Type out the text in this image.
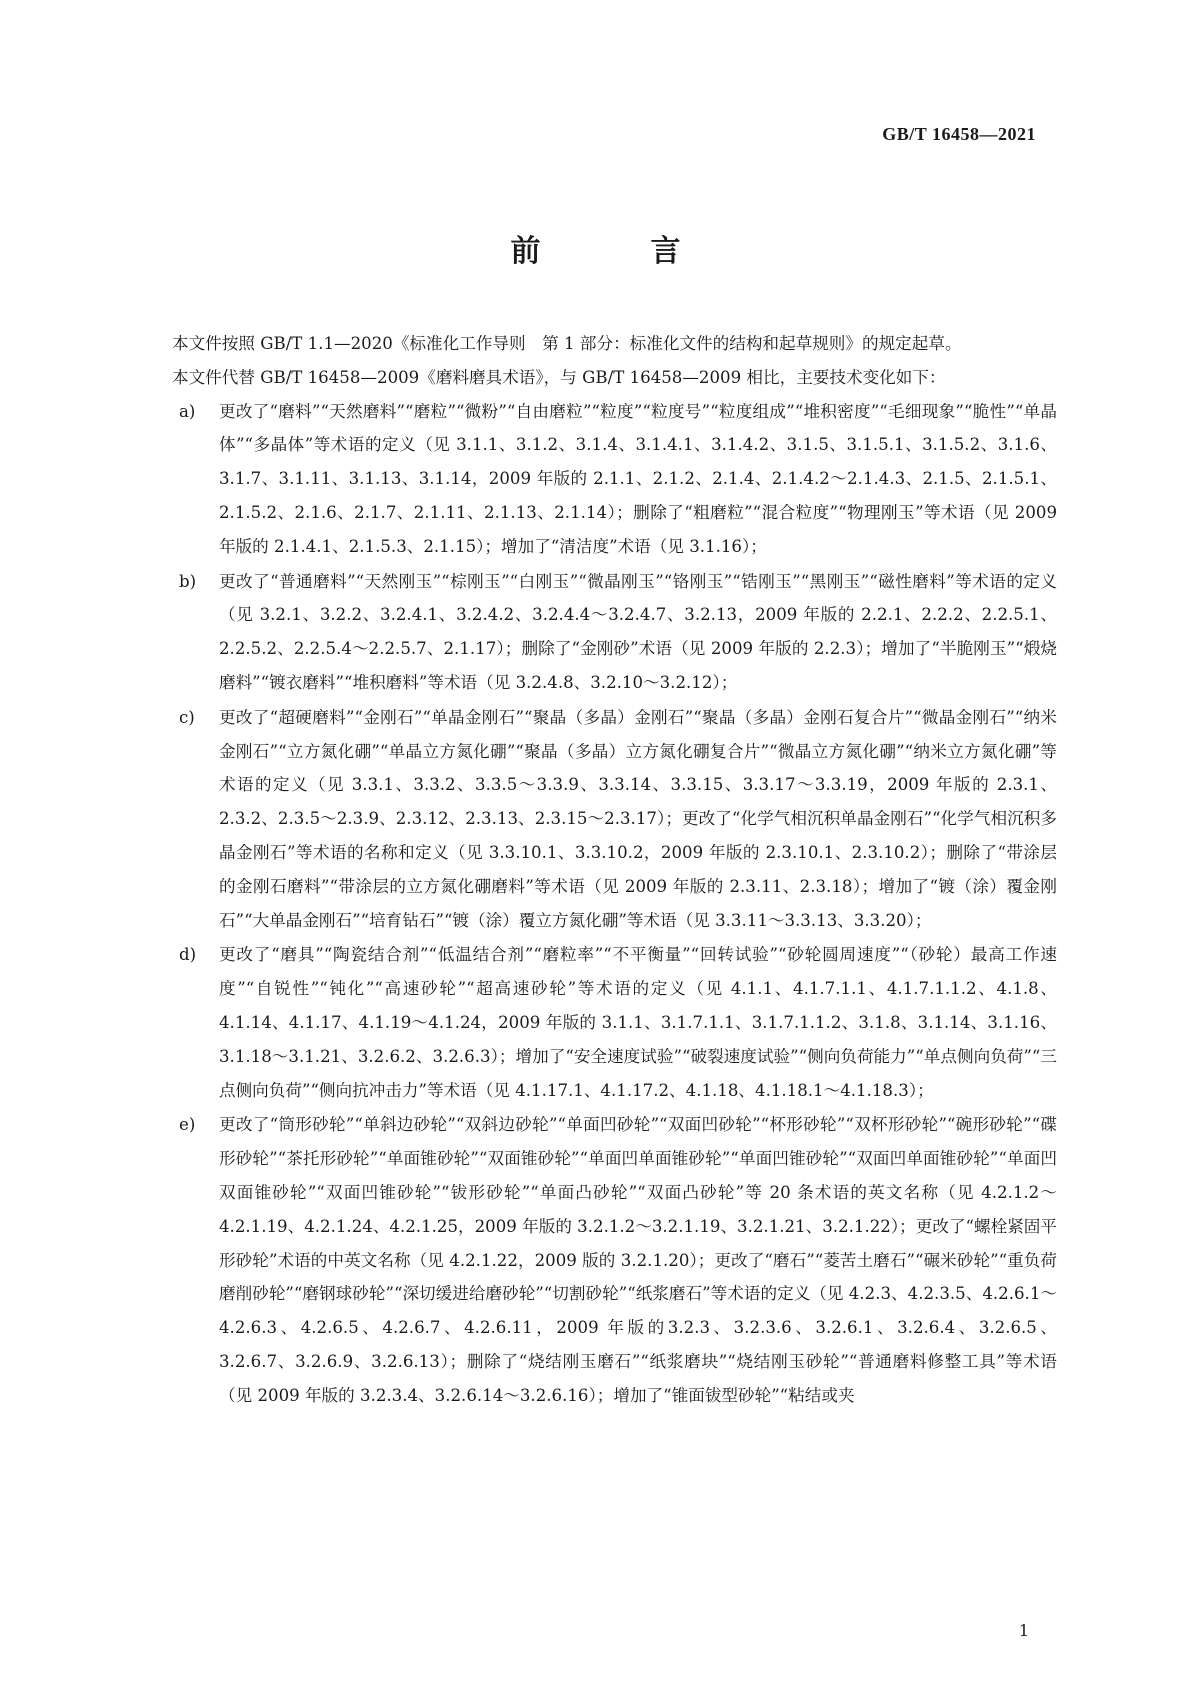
GB/T 16458—2021
前　言

本文件按照 GB/T 1.1—2020《标准化工作导则　第 1 部分：标准化文件的结构和起草规则》的规定起草。

本文件代替 GB/T 16458—2009《磨料磨具术语》，与 GB/T 16458—2009 相比，主要技术变化如下：

a) 更改了“磨料”“天然磨料”“磨粒”“微粉”“自由磨粒”“粒度”“粒度号”“粒度组成”“堆积密度”“毛细现象”“脆性”“单晶体”“多晶体”等术语的定义（见 3.1.1、3.1.2、3.1.4、3.1.4.1、3.1.4.2、3.1.5、3.1.5.1、3.1.5.2、3.1.6、3.1.7、3.1.11、3.1.13、3.1.14，2009 年版的 2.1.1、2.1.2、2.1.4、2.1.4.2～2.1.4.3、2.1.5、2.1.5.1、2.1.5.2、2.1.6、2.1.7、2.1.11、2.1.13、2.1.14）；删除了“粗磨粒”“混合粒度”“物理刚玉”等术语（见 2009 年版的 2.1.4.1、2.1.5.3、2.1.15）；增加了“清洁度”术语（见 3.1.16）；
b) 更改了“普通磨料”“天然刚玉”“棕刚玉”“白刚玉”“微晶刚玉”“铬刚玉”“锆刚玉”“黑刚玉”“磁性磨料”等术语的定义（见 3.2.1、3.2.2、3.2.4.1、3.2.4.2、3.2.4.4～3.2.4.7、3.2.13，2009 年版的 2.2.1、2.2.2、2.2.5.1、2.2.5.2、2.2.5.4～2.2.5.7、2.1.17）；删除了“金刚砂”术语（见 2009 年版的 2.2.3）；增加了“半脆刚玉”“煅烧磨料”“镀衣磨料”“堆积磨料”等术语（见 3.2.4.8、3.2.10～3.2.12）；
c) 更改了“超硬磨料”“金刚石”“单晶金刚石”“聚晶（多晶）金刚石”“聚晶（多晶）金刚石复合片”“微晶金刚石”“纳米金刚石”“立方氮化硼”“单晶立方氮化硼”“聚晶（多晶）立方氮化硼复合片”“微晶立方氮化硼”“纳米立方氮化硼”等术语的定义（见 3.3.1、3.3.2、3.3.5～3.3.9、3.3.14、3.3.15、3.3.17～3.3.19，2009 年版的 2.3.1、2.3.2、2.3.5～2.3.9、2.3.12、2.3.13、2.3.15～2.3.17）；更改了“化学气相沉积单晶金刚石”“化学气相沉积多晶金刚石”等术语的名称和定义（见 3.3.10.1、3.3.10.2，2009 年版的 2.3.10.1、2.3.10.2）；删除了“带涂层的金刚石磨料”“带涂层的立方氮化硼磨料”等术语（见 2009 年版的 2.3.11、2.3.18）；增加了“镀（涂）覆金刚石”“大单晶金刚石”“培育钻石”“镀（涂）覆立方氮化硼”等术语（见 3.3.11～3.3.13、3.3.20）；
d) 更改了“磨具”“陶瓷结合剂”“低温结合剂”“磨粒率”“不平衡量”“回转试验”“砂轮圆周速度”“（砂轮）最高工作速度”“自锐性”“钝化”“高速砂轮”“超高速砂轮”等术语的定义（见 4.1.1、4.1.7.1.1、4.1.7.1.1.2、4.1.8、4.1.14、4.1.17、4.1.19～4.1.24，2009 年版的 3.1.1、3.1.7.1.1、3.1.7.1.1.2、3.1.8、3.1.14、3.1.16、3.1.18～3.1.21、3.2.6.2、3.2.6.3）；增加了“安全速度试验”“破裂速度试验”“侧向负荷能力”“单点侧向负荷”“三点侧向负荷”“侧向抗冲击力”等术语（见 4.1.17.1、4.1.17.2、4.1.18、4.1.18.1～4.1.18.3）；
e) 更改了“筒形砂轮”“单斜边砂轮”“双斜边砂轮”“单面凹砂轮”“双面凹砂轮”“杯形砂轮”“双杯形砂轮”“碗形砂轮”“碟形砂轮”“茶托形砂轮”“单面锥砂轮”“双面锥砂轮”“单面凹单面锥砂轮”“单面凹锥砂轮”“双面凹单面锥砂轮”“单面凹双面锥砂轮”“双面凹锥砂轮”“钹形砂轮”“单面凸砂轮”“双面凸砂轮”等 20 条术语的英文名称（见 4.2.1.2～4.2.1.19、4.2.1.24、4.2.1.25，2009 年版的 3.2.1.2～3.2.1.19、3.2.1.21、3.2.1.22）；更改了“螺栓紧固平形砂轮”术语的中英文名称（见 4.2.1.22，2009 版的 3.2.1.20）；更改了“磨石”“菱苦土磨石”“碾米砂轮”“重负荷磨削砂轮”“磨钢球砂轮”“深切缓进给磨砂轮”“切割砂轮”“纸浆磨石”等术语的定义（见 4.2.3、4.2.3.5、4.2.6.1～4.2.6.3、4.2.6.5、4.2.6.7、4.2.6.11，2009 年版的3.2.3、3.2.3.6、3.2.6.1、3.2.6.4、3.2.6.5、3.2.6.7、3.2.6.9、3.2.6.13）；删除了“烧结刚玉磨石”“纸浆磨块”“烧结刚玉砂轮”“普通磨料修整工具”等术语（见 2009 年版的 3.2.3.4、3.2.6.14～3.2.6.16）；增加了“锥面钹型砂轮”“粘结或夹
1
